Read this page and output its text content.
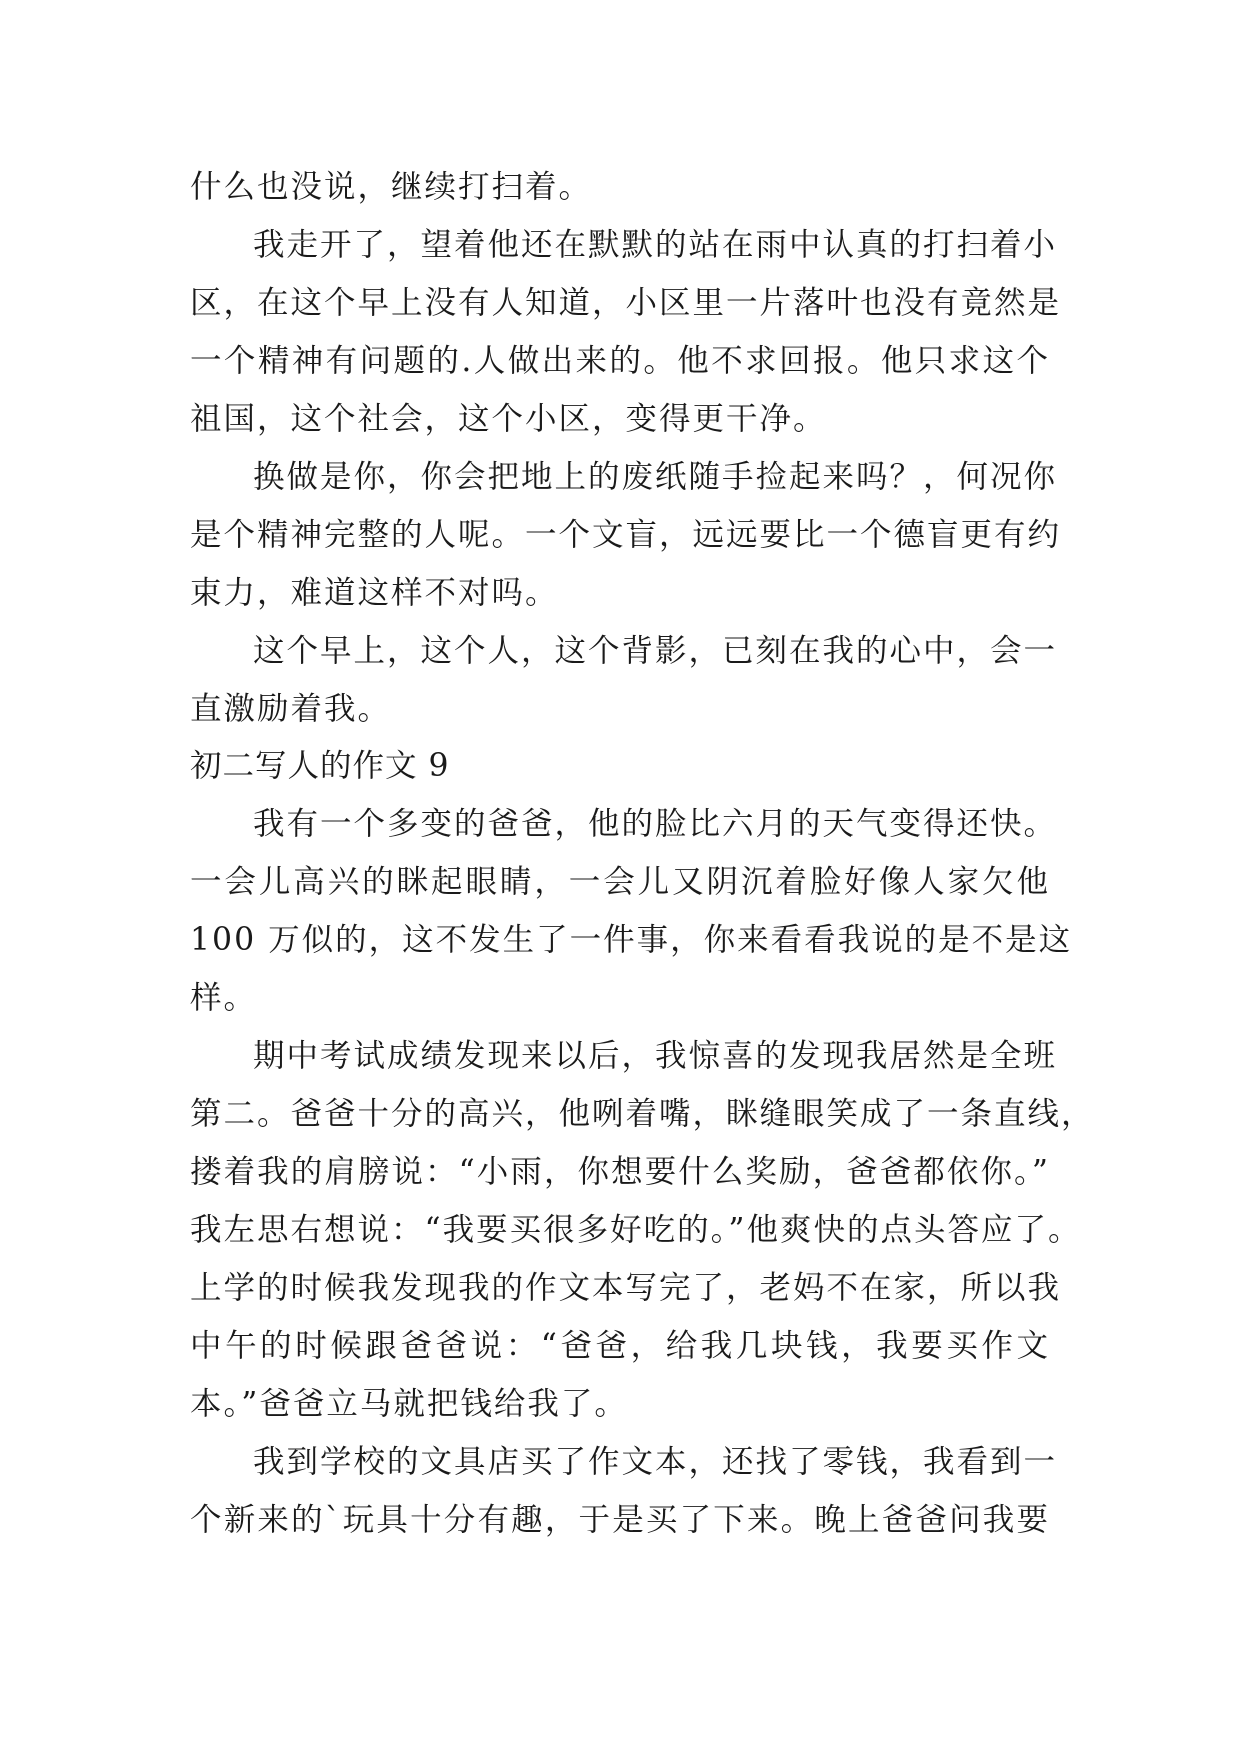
什么也没说，继续打扫着。
我走开了，望着他还在默默的站在雨中认真的打扫着小
区，在这个早上没有人知道，小区里一片落叶也没有竟然是
一个精神有问题的.人做出来的。他不求回报。他只求这个
祖国，这个社会，这个小区，变得更干净。
换做是你，你会把地上的废纸随手捡起来吗？，何况你
是个精神完整的人呢。一个文盲，远远要比一个德盲更有约
束力，难道这样不对吗。
这个早上，这个人，这个背影，已刻在我的心中，会一
直激励着我。
初二写人的作文 9
我有一个多变的爸爸，他的脸比六月的天气变得还快。
一会儿高兴的眯起眼睛，一会儿又阴沉着脸好像人家欠他
100 万似的，这不发生了一件事，你来看看我说的是不是这
样。
期中考试成绩发现来以后，我惊喜的发现我居然是全班
第二。爸爸十分的高兴，他咧着嘴，眯缝眼笑成了一条直线，
搂着我的肩膀说：“小雨，你想要什么奖励，爸爸都依你。”
我左思右想说：“我要买很多好吃的。”他爽快的点头答应了。
上学的时候我发现我的作文本写完了，老妈不在家，所以我
中午的时候跟爸爸说：“爸爸，给我几块钱，我要买作文
本。”爸爸立马就把钱给我了。
我到学校的文具店买了作文本，还找了零钱，我看到一
个新来的`玩具十分有趣，于是买了下来。晚上爸爸问我要
